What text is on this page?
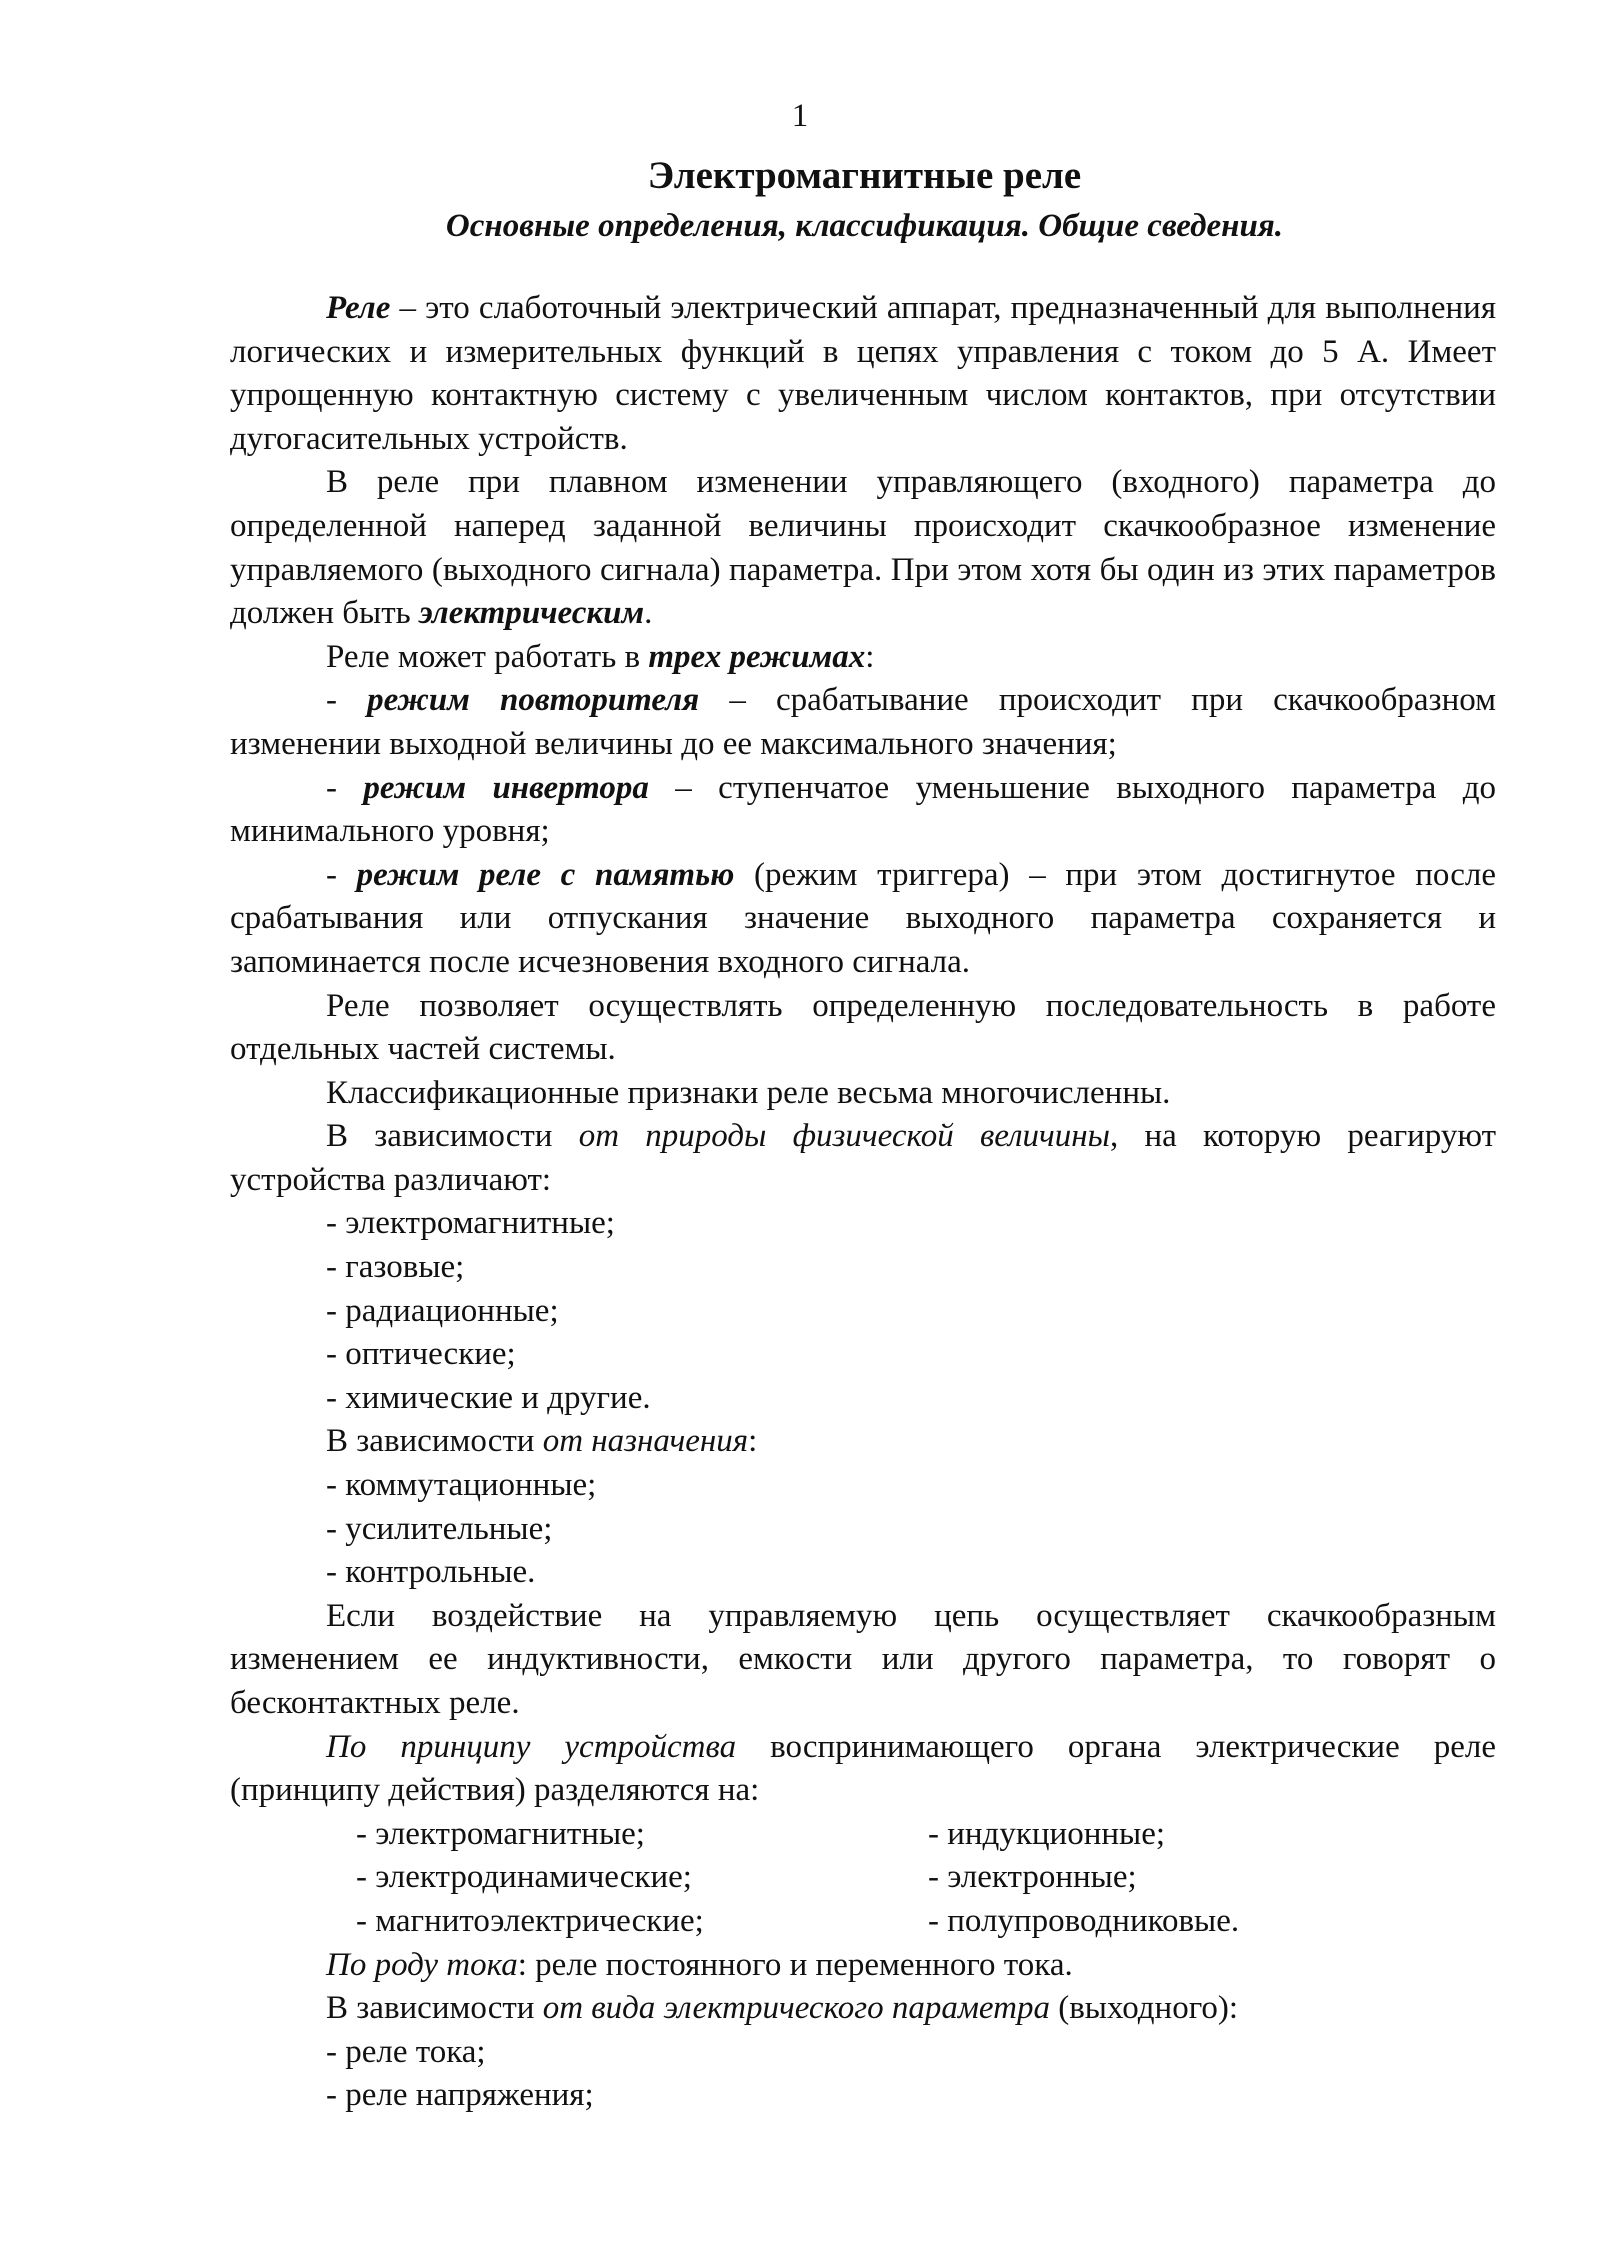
1
Электромагнитные реле
Основные определения, классификация. Общие сведения.

Реле – это слаботочный электрический аппарат, предназначенный для выполнения логических и измерительных функций в цепях управления с током до 5 А. Имеет упрощенную контактную систему с увеличенным числом контактов, при отсутствии дугогасительных устройств.

В реле при плавном изменении управляющего (входного) параметра до определенной наперед заданной величины происходит скачкообразное изменение управляемого (выходного сигнала) параметра. При этом хотя бы один из этих параметров должен быть электрическим.

Реле может работать в трех режимах:

- режим повторителя – срабатывание происходит при скачкообразном изменении выходной величины до ее максимального значения;

- режим инвертора – ступенчатое уменьшение выходного параметра до минимального уровня;

- режим реле с памятью (режим триггера) – при этом достигнутое после срабатывания или отпускания значение выходного параметра сохраняется и запоминается после исчезновения входного сигнала.

Реле позволяет осуществлять определенную последовательность в работе отдельных частей системы.

Классификационные признаки реле весьма многочисленны.

В зависимости от природы физической величины, на которую реагируют устройства различают:

- электромагнитные;

- газовые;

- радиационные;

- оптические;

- химические и другие.

В зависимости от назначения:

- коммутационные;

- усилительные;

- контрольные.

Если воздействие на управляемую цепь осуществляет скачкообразным изменением ее индуктивности, емкости или другого параметра, то говорят о бесконтактных реле.

По принципу устройства воспринимающего органа электрические реле (принципу действия) разделяются на:

- электромагнитные;	- индукционные;

- электродинамические;	- электронные;

- магнитоэлектрические;	- полупроводниковые.

По роду тока: реле постоянного и переменного тока.

В зависимости от вида электрического параметра (выходного):

- реле тока;

- реле напряжения;
